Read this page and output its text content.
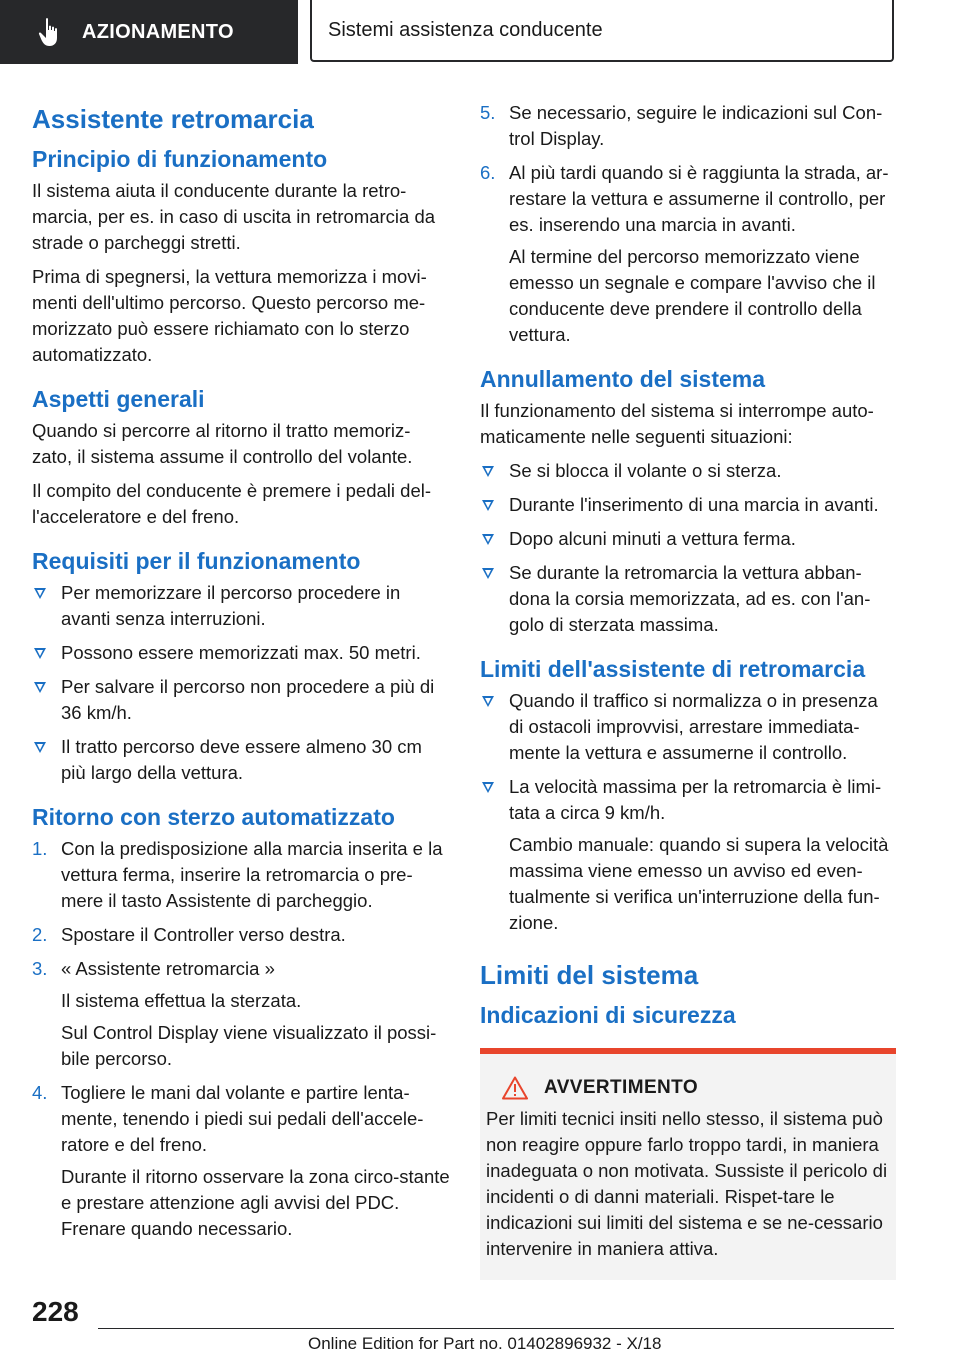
AZIONAMENTO	Sistemi assistenza conducente
Assistente retromarcia
Principio di funzionamento

Il sistema aiuta il conducente durante la retro-marcia, per es. in caso di uscita in retromarcia da strade o parcheggi stretti.

Prima di spegnersi, la vettura memorizza i movi-menti dell'ultimo percorso. Questo percorso me-morizzato può essere richiamato con lo sterzo automatizzato.

Aspetti generali

Quando si percorre al ritorno il tratto memoriz-zato, il sistema assume il controllo del volante.

Il compito del conducente è premere i pedali del-l'acceleratore e del freno.

Requisiti per il funzionamento
Per memorizzare il percorso procedere in avanti senza interruzioni.
Possono essere memorizzati max. 50 metri.
Per salvare il percorso non procedere a più di 36 km/h.
Il tratto percorso deve essere almeno 30 cm più largo della vettura.
Ritorno con sterzo automatizzato
1. Con la predisposizione alla marcia inserita e la vettura ferma, inserire la retromarcia o pre-mere il tasto Assistente di parcheggio.

2. Spostare il Controller verso destra.

3. « Assistente retromarcia »

Il sistema effettua la sterzata.

Sul Control Display viene visualizzato il possi-bile percorso.

4. Togliere le mani dal volante e partire lenta-mente, tenendo i piedi sui pedali dell'accele-ratore e del freno.

Durante il ritorno osservare la zona circo-stante e prestare attenzione agli avvisi del PDC. Frenare quando necessario.

5. Se necessario, seguire le indicazioni sul Con-trol Display.

6. Al più tardi quando si è raggiunta la strada, ar-restare la vettura e assumerne il controllo, per es. inserendo una marcia in avanti.

Al termine del percorso memorizzato viene emesso un segnale e compare l'avviso che il conducente deve prendere il controllo della vettura.

Annullamento del sistema

Il funzionamento del sistema si interrompe auto-maticamente nelle seguenti situazioni:

Se si blocca il volante o si sterza.
Durante l'inserimento di una marcia in avanti.
Dopo alcuni minuti a vettura ferma.
Se durante la retromarcia la vettura abban-dona la corsia memorizzata, ad es. con l'an-golo di sterzata massima.
Limiti dell'assistente di retromarcia

Quando il traffico si normalizza o in presenza di ostacoli improvvisi, arrestare immediata-mente la vettura e assumerne il controllo.

La velocità massima per la retromarcia è limi-tata a circa 9 km/h.

Cambio manuale: quando si supera la velocità massima viene emesso un avviso ed even-tualmente si verifica un'interruzione della fun-zione.

Limiti del sistema
Indicazioni di sicurezza
AVVERTIMENTO

Per limiti tecnici insiti nello stesso, il sistema può non reagire oppure farlo troppo tardi, in maniera inadeguata o non motivata. Sussiste il pericolo di incidenti o di danni materiali. Rispet-tare le indicazioni sui limiti del sistema e se ne-cessario intervenire in maniera attiva.

228
Online Edition for Part no. 01402896932 - X/18
